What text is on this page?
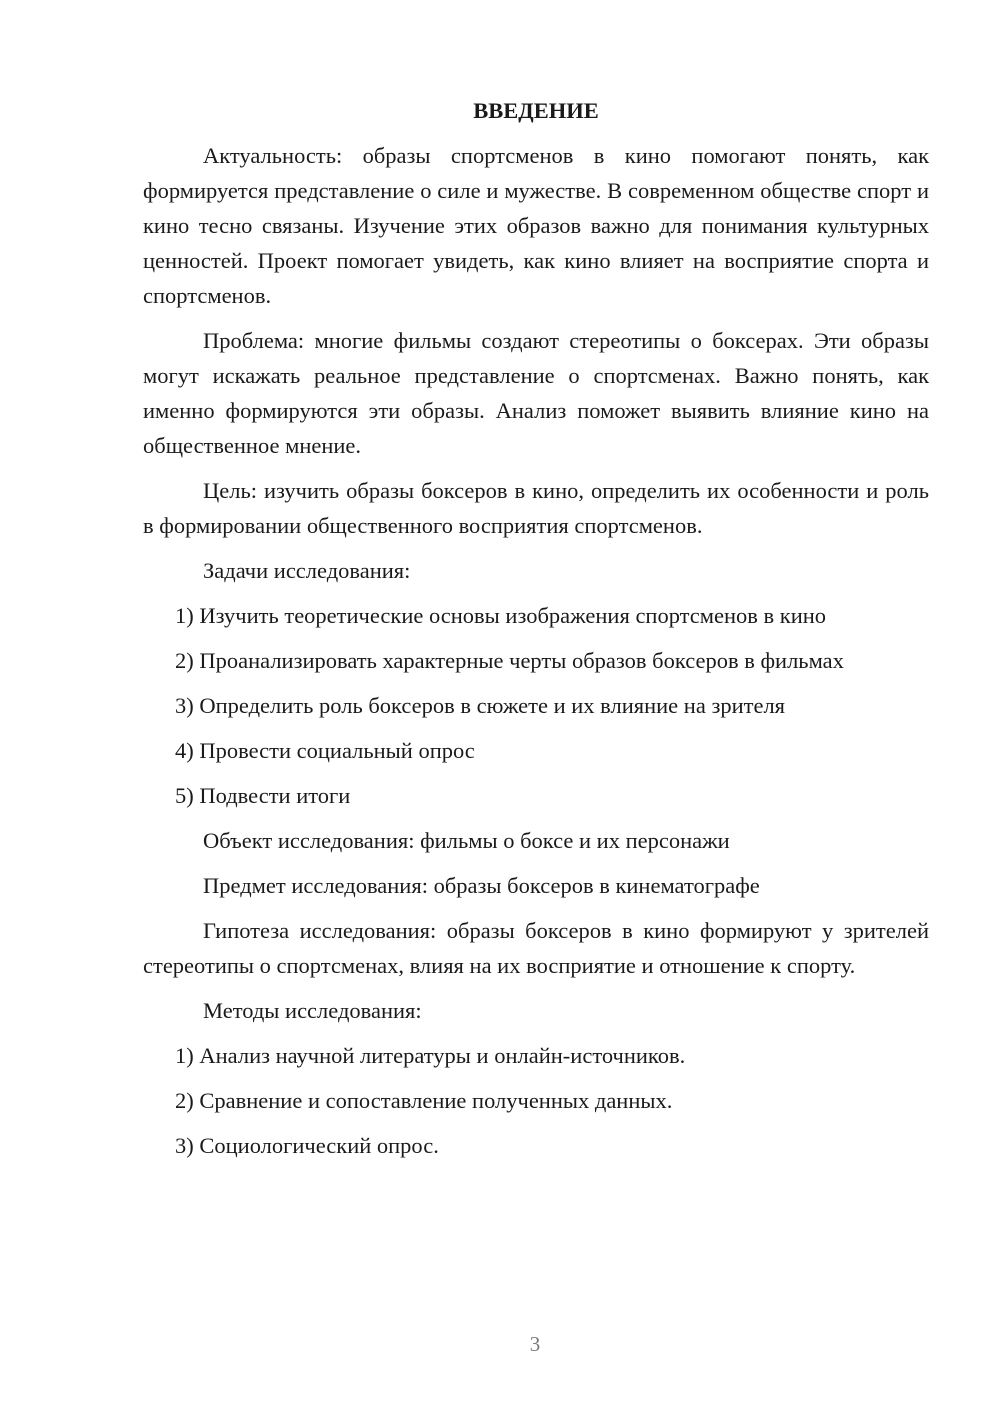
ВВЕДЕНИЕ

Актуальность: образы спортсменов в кино помогают понять, как формируется представление о силе и мужестве. В современном обществе спорт и кино тесно связаны. Изучение этих образов важно для понимания культурных ценностей. Проект помогает увидеть, как кино влияет на восприятие спорта и спортсменов.

Проблема: многие фильмы создают стереотипы о боксерах. Эти образы могут искажать реальное представление о спортсменах. Важно понять, как именно формируются эти образы. Анализ поможет выявить влияние кино на общественное мнение.

Цель: изучить образы боксеров в кино, определить их особенности и роль в формировании общественного восприятия спортсменов.

Задачи исследования:

1) Изучить теоретические основы изображения спортсменов в кино

2) Проанализировать характерные черты образов боксеров в фильмах

3) Определить роль боксеров в сюжете и их влияние на зрителя

4) Провести социальный опрос

5) Подвести итоги

Объект исследования: фильмы о боксе и их персонажи

Предмет исследования: образы боксеров в кинематографе

Гипотеза исследования: образы боксеров в кино формируют у зрителей стереотипы о спортсменах, влияя на их восприятие и отношение к спорту.

Методы исследования:

1) Анализ научной литературы и онлайн-источников.

2) Сравнение и сопоставление полученных данных.

3) Социологический опрос.

3
